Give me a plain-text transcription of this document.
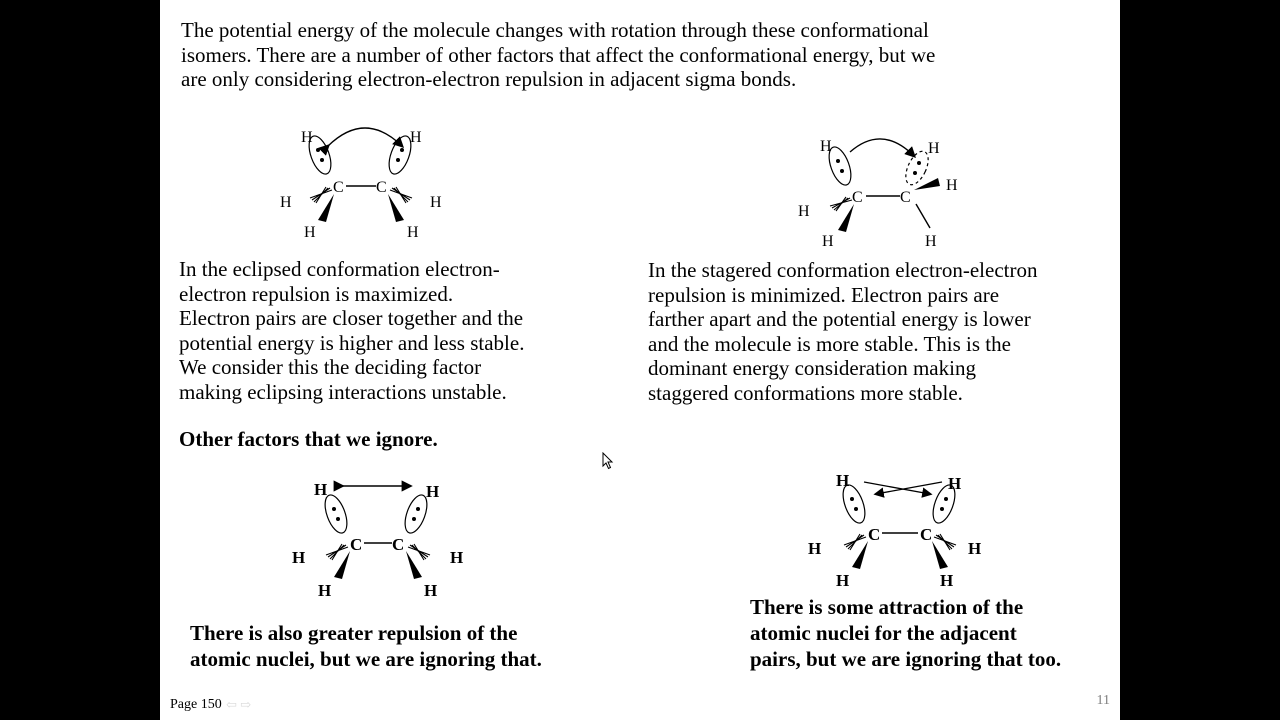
The potential energy of the molecule changes with rotation through these conformational
isomers. There are a number of other factors that affect the conformational energy, but we
are only considering electron-electron repulsion in adjacent sigma bonds.

C C
H	H
H	H
H	H
C C
H	H
H
H
H	H

In the eclipsed conformation electron-
electron repulsion is maximized.
Electron pairs are closer together and the
potential energy is higher and less stable.
We consider this the deciding factor
making eclipsing interactions unstable.

In the stagered conformation electron-electron
repulsion is minimized. Electron pairs are
farther apart and the potential energy is lower
and the molecule is more stable. This is the
dominant energy consideration making
staggered conformations more stable.

Other factors that we ignore.

C C
H	H
H	H
H	H
C C
H	H
H	H
H	H

There is also greater repulsion of the
atomic nuclei, but we are ignoring that.

There is some attraction of the
atomic nuclei for the adjacent
pairs, but we are ignoring that too.

Page 150 ⇦ ⇨	11
